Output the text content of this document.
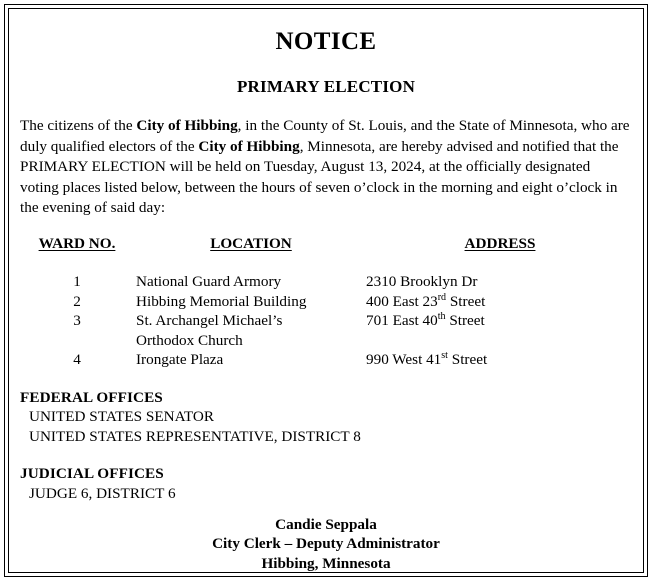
NOTICE
PRIMARY ELECTION

The citizens of the City of Hibbing, in the County of St. Louis, and the State of Minnesota, who are duly qualified electors of the City of Hibbing, Minnesota, are hereby advised and notified that the PRIMARY ELECTION will be held on Tuesday, August 13, 2024, at the officially designated voting places listed below, between the hours of seven o’clock in the morning and eight o’clock in the evening of said day:

WARD NO.	LOCATION	ADDRESS

1	National Guard Armory	2310 Brooklyn Dr
2	Hibbing Memorial Building	400 East 23rd Street
3	St. Archangel Michael’s
Orthodox Church	701 East 40th Street
4	Irongate Plaza	990 West 41st Street
FEDERAL OFFICES
UNITED STATES SENATOR
UNITED STATES REPRESENTATIVE, DISTRICT 8
JUDICIAL OFFICES
JUDGE 6, DISTRICT 6
Candie Seppala
City Clerk – Deputy Administrator
Hibbing, Minnesota
